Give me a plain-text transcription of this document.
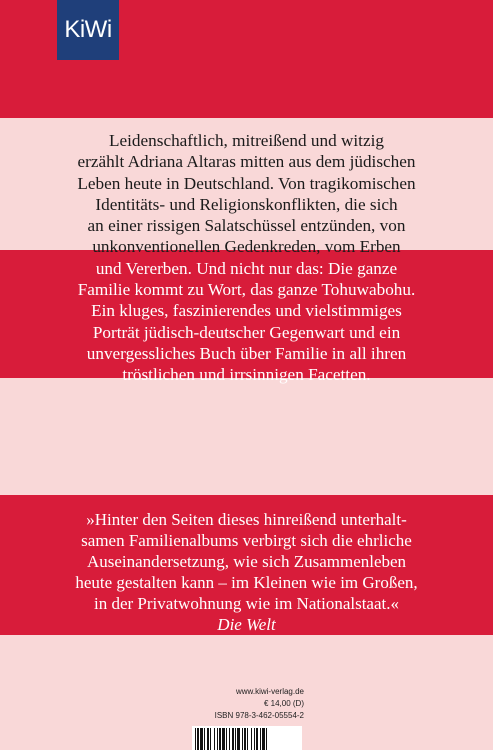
KiWi

Leidenschaftlich, mitreißend und witzig
erzählt Adriana Altaras mitten aus dem jüdischen
Leben heute in Deutschland. Von tragikomischen
Identitäts- und Religionskonflikten, die sich
an einer rissigen Salatschüssel entzünden, von
unkonventionellen Gedenkreden, vom Erben
und Vererben. Und nicht nur das: Die ganze
Familie kommt zu Wort, das ganze Tohuwabohu.
Ein kluges, faszinierendes und vielstimmiges
Porträt jüdisch-deutscher Gegenwart und ein
unvergessliches Buch über Familie in all ihren
tröstlichen und irrsinnigen Facetten.

»Hinter den Seiten dieses hinreißend unterhalt-
samen Familienalbums verbirgt sich die ehrliche
Auseinandersetzung, wie sich Zusammenleben
heute gestalten kann – im Kleinen wie im Großen,
in der Privatwohnung wie im Nationalstaat.«
Die Welt

www.kiwi-verlag.de
€ 14,00 (D)
ISBN 978-3-462-05554-2
